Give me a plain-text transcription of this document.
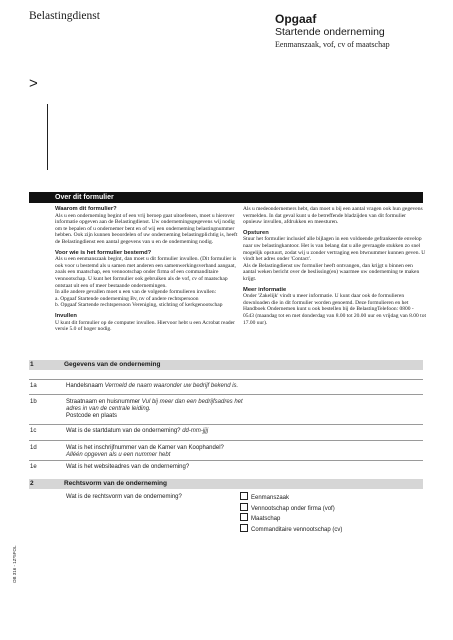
Belastingdienst	Opgaaf
Startende onderneming
Eenmanszaak, vof, cv of maatschap
>
Over dit formulier

Waarom dit formulier?

Als u een onderneming begint of een vrij beroep gaat uitoefenen, moet u hierover informatie opgeven aan de Belastingdienst. Uw ondernemingsgegevens wij nodig om te bepalen of u ondernemer bent en of wij een onderneming belastingnummer hebben. Ook zijn kunnen beoordelen of uw onderneming belastingplichtig is, heeft de Belastingdienst een aantal gegevens van u en de onderneming nodig.

Voor wie is het formulier bestemd?

Als u een eenmanszaak begint, dan moet u dit formulier invullen. (Dit formulier is ook voor u bestemd als u samen met anderen een samenwerkingsverband aangaat, zoals een maatschap, een vennootschap onder firma of een commanditaire vennootschap. U kunt het formulier ook gebruiken als de vof, cv of maatschap ontstaat uit een of meer bestaande ondernemingen.

In alle andere gevallen moet u een van de volgende formulieren invullen:

a. Opgaaf Startende onderneming Bv, nv of andere rechtspersoon

b. Opgaaf Startende rechtspersoon Vereniging, stichting of kerkgenootschap

Invullen

U kunt dit formulier op de computer invullen. Hiervoor hebt u een Acrobat reader versie 5.0 of hoger nodig.

Als u medeondernemers hebt, dan moet u bij een aantal vragen ook hun gegevens vermelden. In dat geval kunt u de betreffende bladzijden van dit formulier opnieuw invullen, afdrukken en meesturen.

Opsturen

Stuur het formulier inclusief alle bijlagen in een voldoende gefrankeerde envelop naar uw belastingkantoor. Het is van belang dat u alle gevraagde stukken zo snel mogelijk opstuurt, zodat wij u zonder vertraging een btwnummer kunnen geven. U vindt het adres onder 'Contact'.

Als de Belastingdienst uw formulier heeft ontvangen, dan krijgt u binnen een aantal weken bericht over de beslissing(en) waarmee uw onderneming te maken krijgt.

Meer informatie

Onder 'Zakelijk' vindt u meer informatie. U kunt daar ook de formulieren downloaden die in dit formulier worden genoemd. Deze formulieren en het Handboek Ondernemen kunt u ook bestellen bij de BelastingTelefoon: 0800 - 0543 (maandag tot en met donderdag van 8.00 tot 20.00 uur en vrijdag van 8.00 tot 17.00 uur).

1	Gegevens van de onderneming
1a	Handelsnaam Vermeld de naam waaronder uw bedrijf bekend is.
1b	Straatnaam en huisnummer Vul bij meer dan een bedrijfsadres het adres in van de centrale leiding.
Postcode en plaats
1c	Wat is de startdatum van de onderneming? dd-mm-jjjj
1d	Wat is het inschrijfnummer van de Kamer van Koophandel?
Alléén opgeven als u een nummer hebt
1e	Wat is het websiteadres van de onderneming?
2	Rechtsvorm van de onderneming
Wat is de rechtsvorm van de onderneming?	Eenmanszaak
Vennootschap onder firma (vof)
Maatschap
Commanditaire vennootschap (cv)
OB 316 - 1Z*5FOL
